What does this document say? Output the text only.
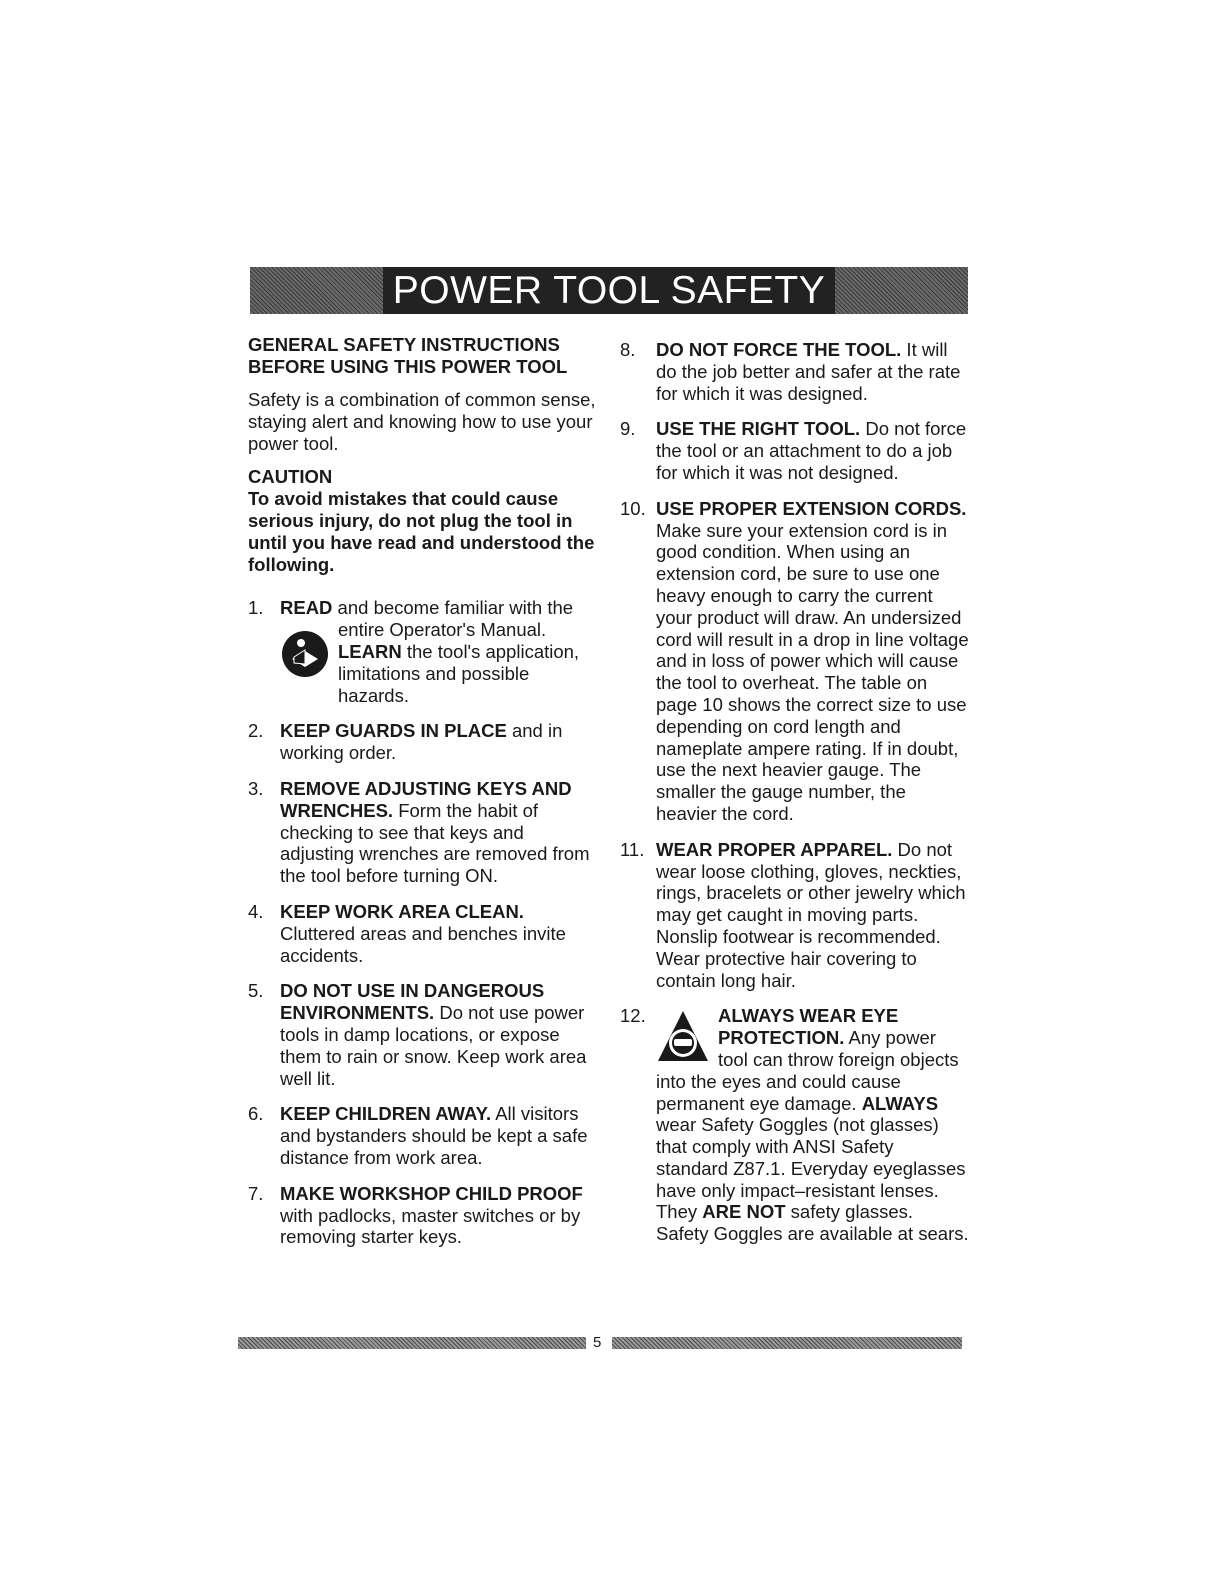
POWER TOOL SAFETY
GENERAL SAFETY INSTRUCTIONS
BEFORE USING THIS POWER TOOL

Safety is a combination of common sense, staying alert and knowing how to use your power tool.

CAUTION
To avoid mistakes that could cause serious injury, do not plug the tool in until you have read and understood the following.
1. READ and become familiar with the entire Operator's Manual.
LEARN the tool's application, limitations and possible hazards.
2. KEEP GUARDS IN PLACE and in working order.
3. REMOVE ADJUSTING KEYS AND WRENCHES. Form the habit of checking to see that keys and adjusting wrenches are removed from the tool before turning ON.
4. KEEP WORK AREA CLEAN. Cluttered areas and benches invite accidents.
5. DO NOT USE IN DANGEROUS ENVIRONMENTS. Do not use power tools in damp locations, or expose them to rain or snow. Keep work area well lit.
6. KEEP CHILDREN AWAY. All visitors and bystanders should be kept a safe distance from work area.
7. MAKE WORKSHOP CHILD PROOF with padlocks, master switches or by removing starter keys.
8. DO NOT FORCE THE TOOL. It will do the job better and safer at the rate for which it was designed.
9. USE THE RIGHT TOOL. Do not force the tool or an attachment to do a job for which it was not designed.
10. USE PROPER EXTENSION CORDS. Make sure your extension cord is in good condition. When using an extension cord, be sure to use one heavy enough to carry the current your product will draw. An undersized cord will result in a drop in line voltage and in loss of power which will cause the tool to overheat. The table on page 10 shows the correct size to use depending on cord length and nameplate ampere rating. If in doubt, use the next heavier gauge. The smaller the gauge number, the heavier the cord.
11. WEAR PROPER APPAREL. Do not wear loose clothing, gloves, neckties, rings, bracelets or other jewelry which may get caught in moving parts. Nonslip footwear is recommended. Wear protective hair covering to contain long hair.
12.	ALWAYS WEAR EYE PROTECTION. Any power tool can throw foreign objects into the eyes and could cause permanent eye damage. ALWAYS wear Safety Goggles (not glasses) that comply with ANSI Safety standard Z87.1. Everyday eyeglasses have only impact–resistant lenses. They ARE NOT safety glasses. Safety Goggles are available at sears.
5
